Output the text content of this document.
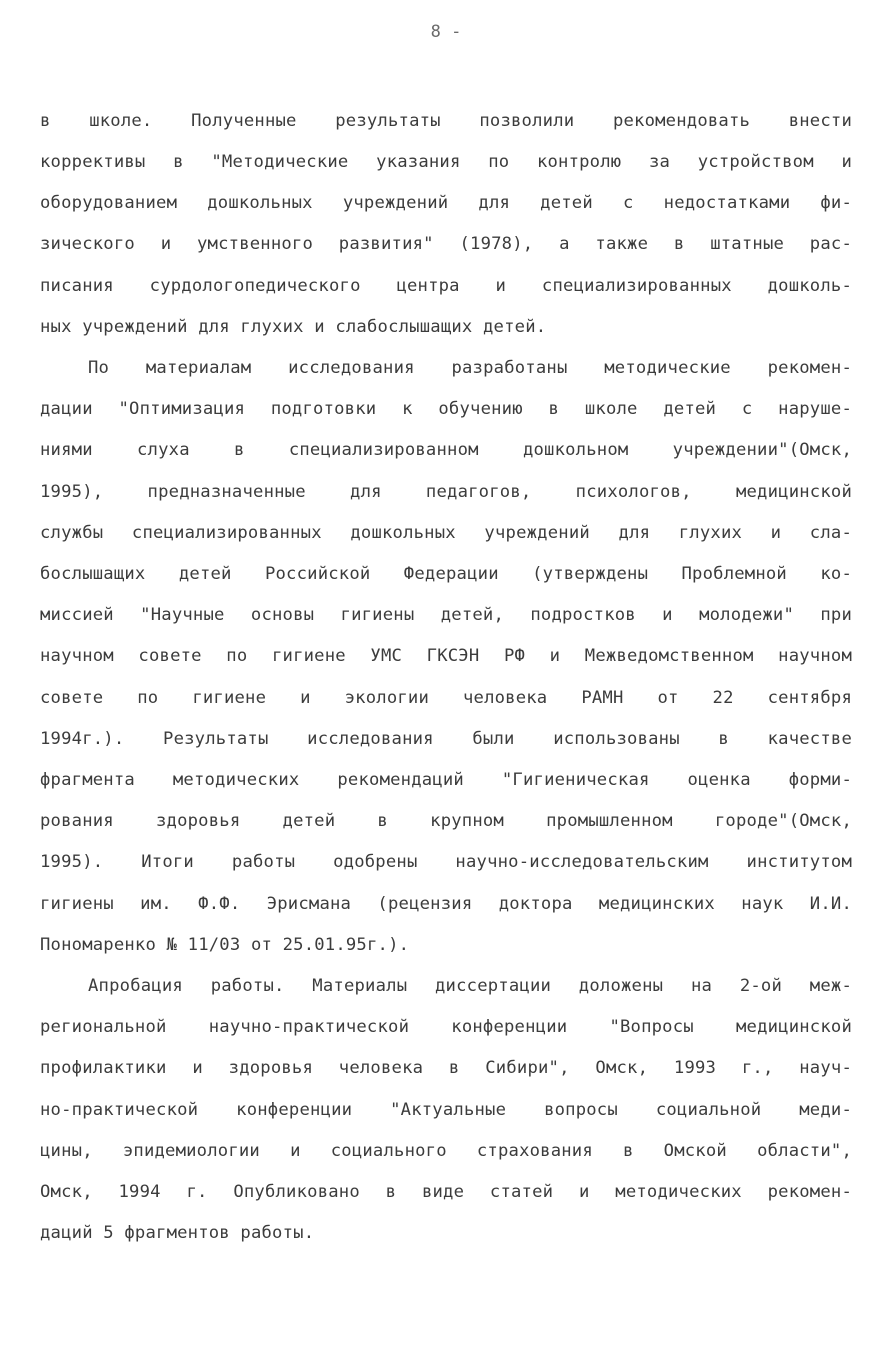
8 -
в школе. Полученные результаты позволили рекомендовать внести
коррективы в "Методические указания по контролю за устройством и
оборудованием дошкольных учреждений для детей с недостатками фи-
зического и умственного развития" (1978), а также в штатные рас-
писания сурдологопедического центра и специализированных дошколь-
ных учреждений для глухих и слабослышащих детей.
По материалам исследования разработаны методические рекомен-
дации "Оптимизация подготовки к обучению в школе детей с наруше-
ниями слуха в специализированном дошкольном учреждении"(Омск,
1995), предназначенные для педагогов, психологов, медицинской
службы специализированных дошкольных учреждений для глухих и сла-
бослышащих детей Российской Федерации (утверждены Проблемной ко-
миссией "Научные основы гигиены детей, подростков и молодежи" при
научном совете по гигиене УМС ГКСЭН РФ и Межведомственном научном
совете по гигиене и экологии человека РАМН от 22 сентября
1994г.). Результаты исследования были использованы в качестве
фрагмента методических рекомендаций "Гигиеническая оценка форми-
рования здоровья детей в крупном промышленном городе"(Омск,
1995). Итоги работы одобрены научно-исследовательским институтом
гигиены им. Ф.Ф. Эрисмана (рецензия доктора медицинских наук И.И.
Пономаренко № 11/03 от 25.01.95г.).
Апробация работы. Материалы диссертации доложены на 2-ой меж-
региональной научно-практической конференции "Вопросы медицинской
профилактики и здоровья человека в Сибири", Омск, 1993 г., науч-
но-практической конференции "Актуальные вопросы социальной меди-
цины, эпидемиологии и социального страхования в Омской области",
Омск, 1994 г. Опубликовано в виде статей и методических рекомен-
даций 5 фрагментов работы.
